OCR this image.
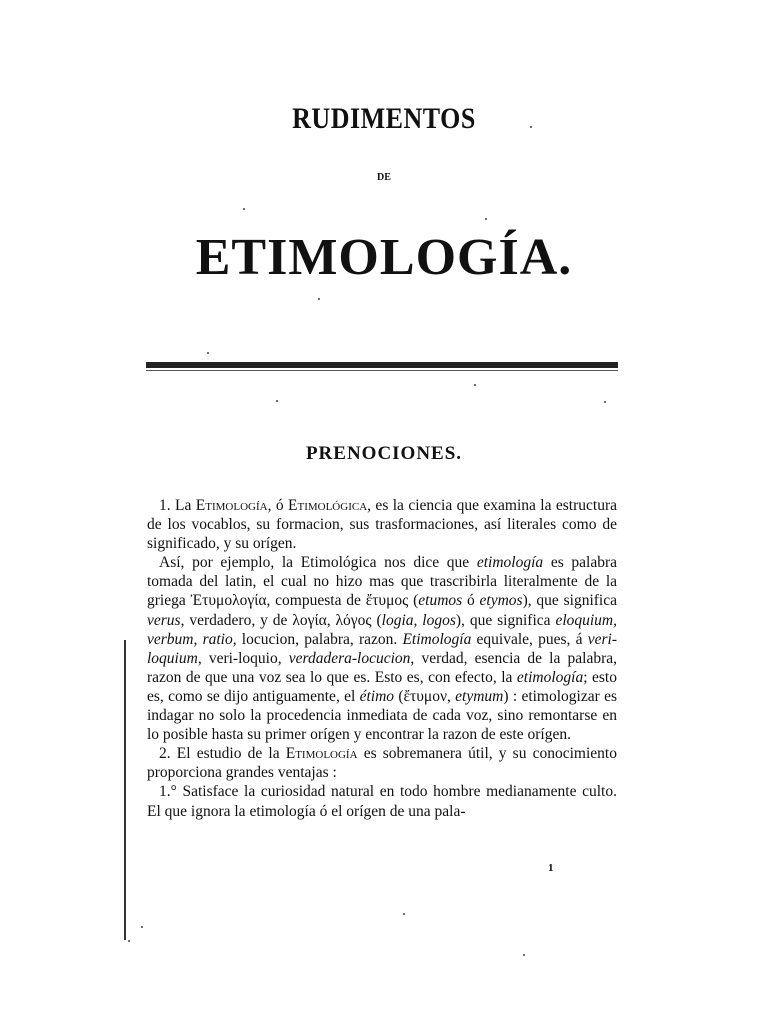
RUDIMENTOS
DE
ETIMOLOGÍA.
PRENOCIONES.

1. La Etimología, ó Etimológica, es la ciencia que examina la estructura de los vocablos, su formacion, sus trasformaciones, así literales como de significado, y su orígen.

Así, por ejemplo, la Etimológica nos dice que etimología es palabra tomada del latin, el cual no hizo mas que trascribirla literalmente de la griega Ἐτυμολογία, compuesta de ἔτυμος (etumos ó etymos), que significa verus, verdadero, y de λογία, λόγος (logia, logos), que significa eloquium, verbum, ratio, locucion, palabra, razon. Etimología equivale, pues, á veri-loquium, veri-loquio, verdadera-locucion, verdad, esencia de la palabra, razon de que una voz sea lo que es. Esto es, con efecto, la etimología; esto es, como se dijo antiguamente, el étimo (ἔτυμον, etymum) : etimologizar es indagar no solo la procedencia inmediata de cada voz, sino remontarse en lo posible hasta su primer orígen y encontrar la razon de este orígen.

2. El estudio de la Etimología es sobremanera útil, y su conocimiento proporciona grandes ventajas :

1.° Satisface la curiosidad natural en todo hombre medianamente culto. El que ignora la etimología ó el orígen de una pala-

1
